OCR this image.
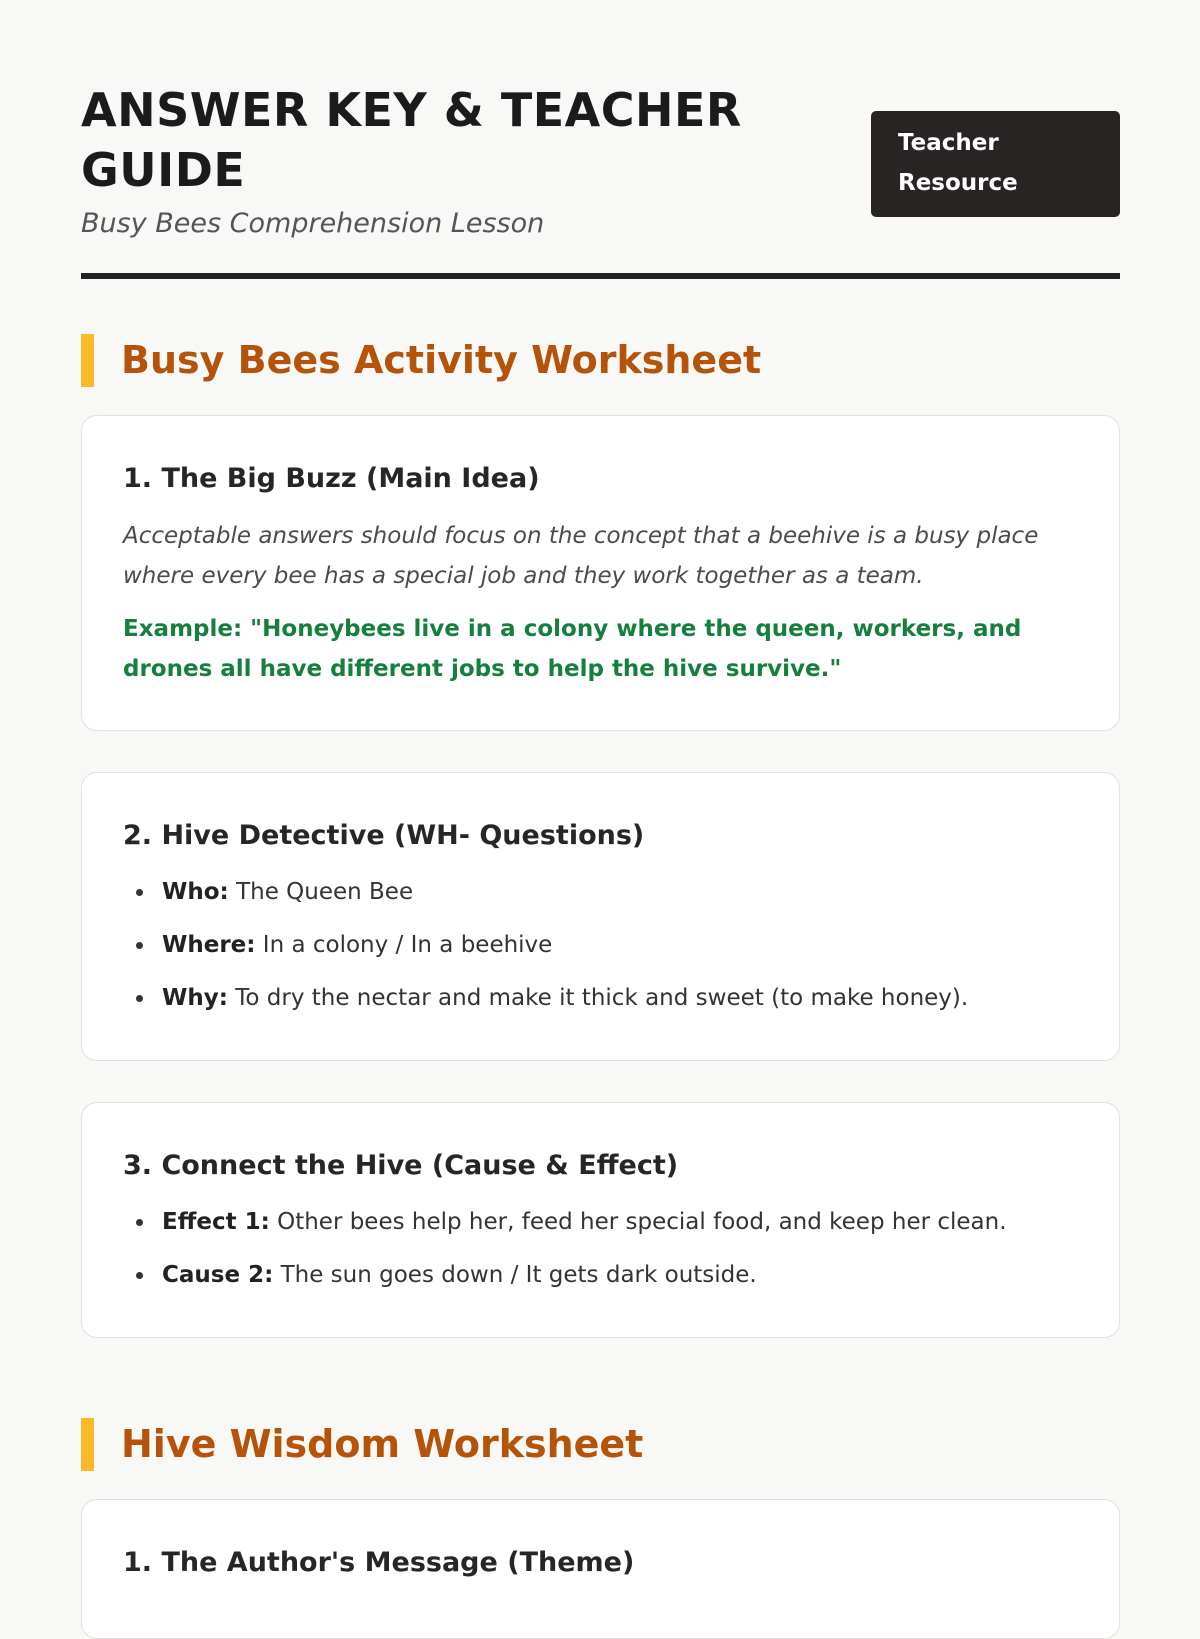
ANSWER KEY & TEACHER GUIDE
Busy Bees Comprehension Lesson
Teacher Resource
Busy Bees Activity Worksheet
1. The Big Buzz (Main Idea)
Acceptable answers should focus on the concept that a beehive is a busy place where every bee has a special job and they work together as a team.
Example: "Honeybees live in a colony where the queen, workers, and drones all have different jobs to help the hive survive."
2. Hive Detective (WH- Questions)
Who: The Queen Bee
Where: In a colony / In a beehive
Why: To dry the nectar and make it thick and sweet (to make honey).
3. Connect the Hive (Cause & Effect)
Effect 1: Other bees help her, feed her special food, and keep her clean.
Cause 2: The sun goes down / It gets dark outside.
Hive Wisdom Worksheet
1. The Author's Message (Theme)
